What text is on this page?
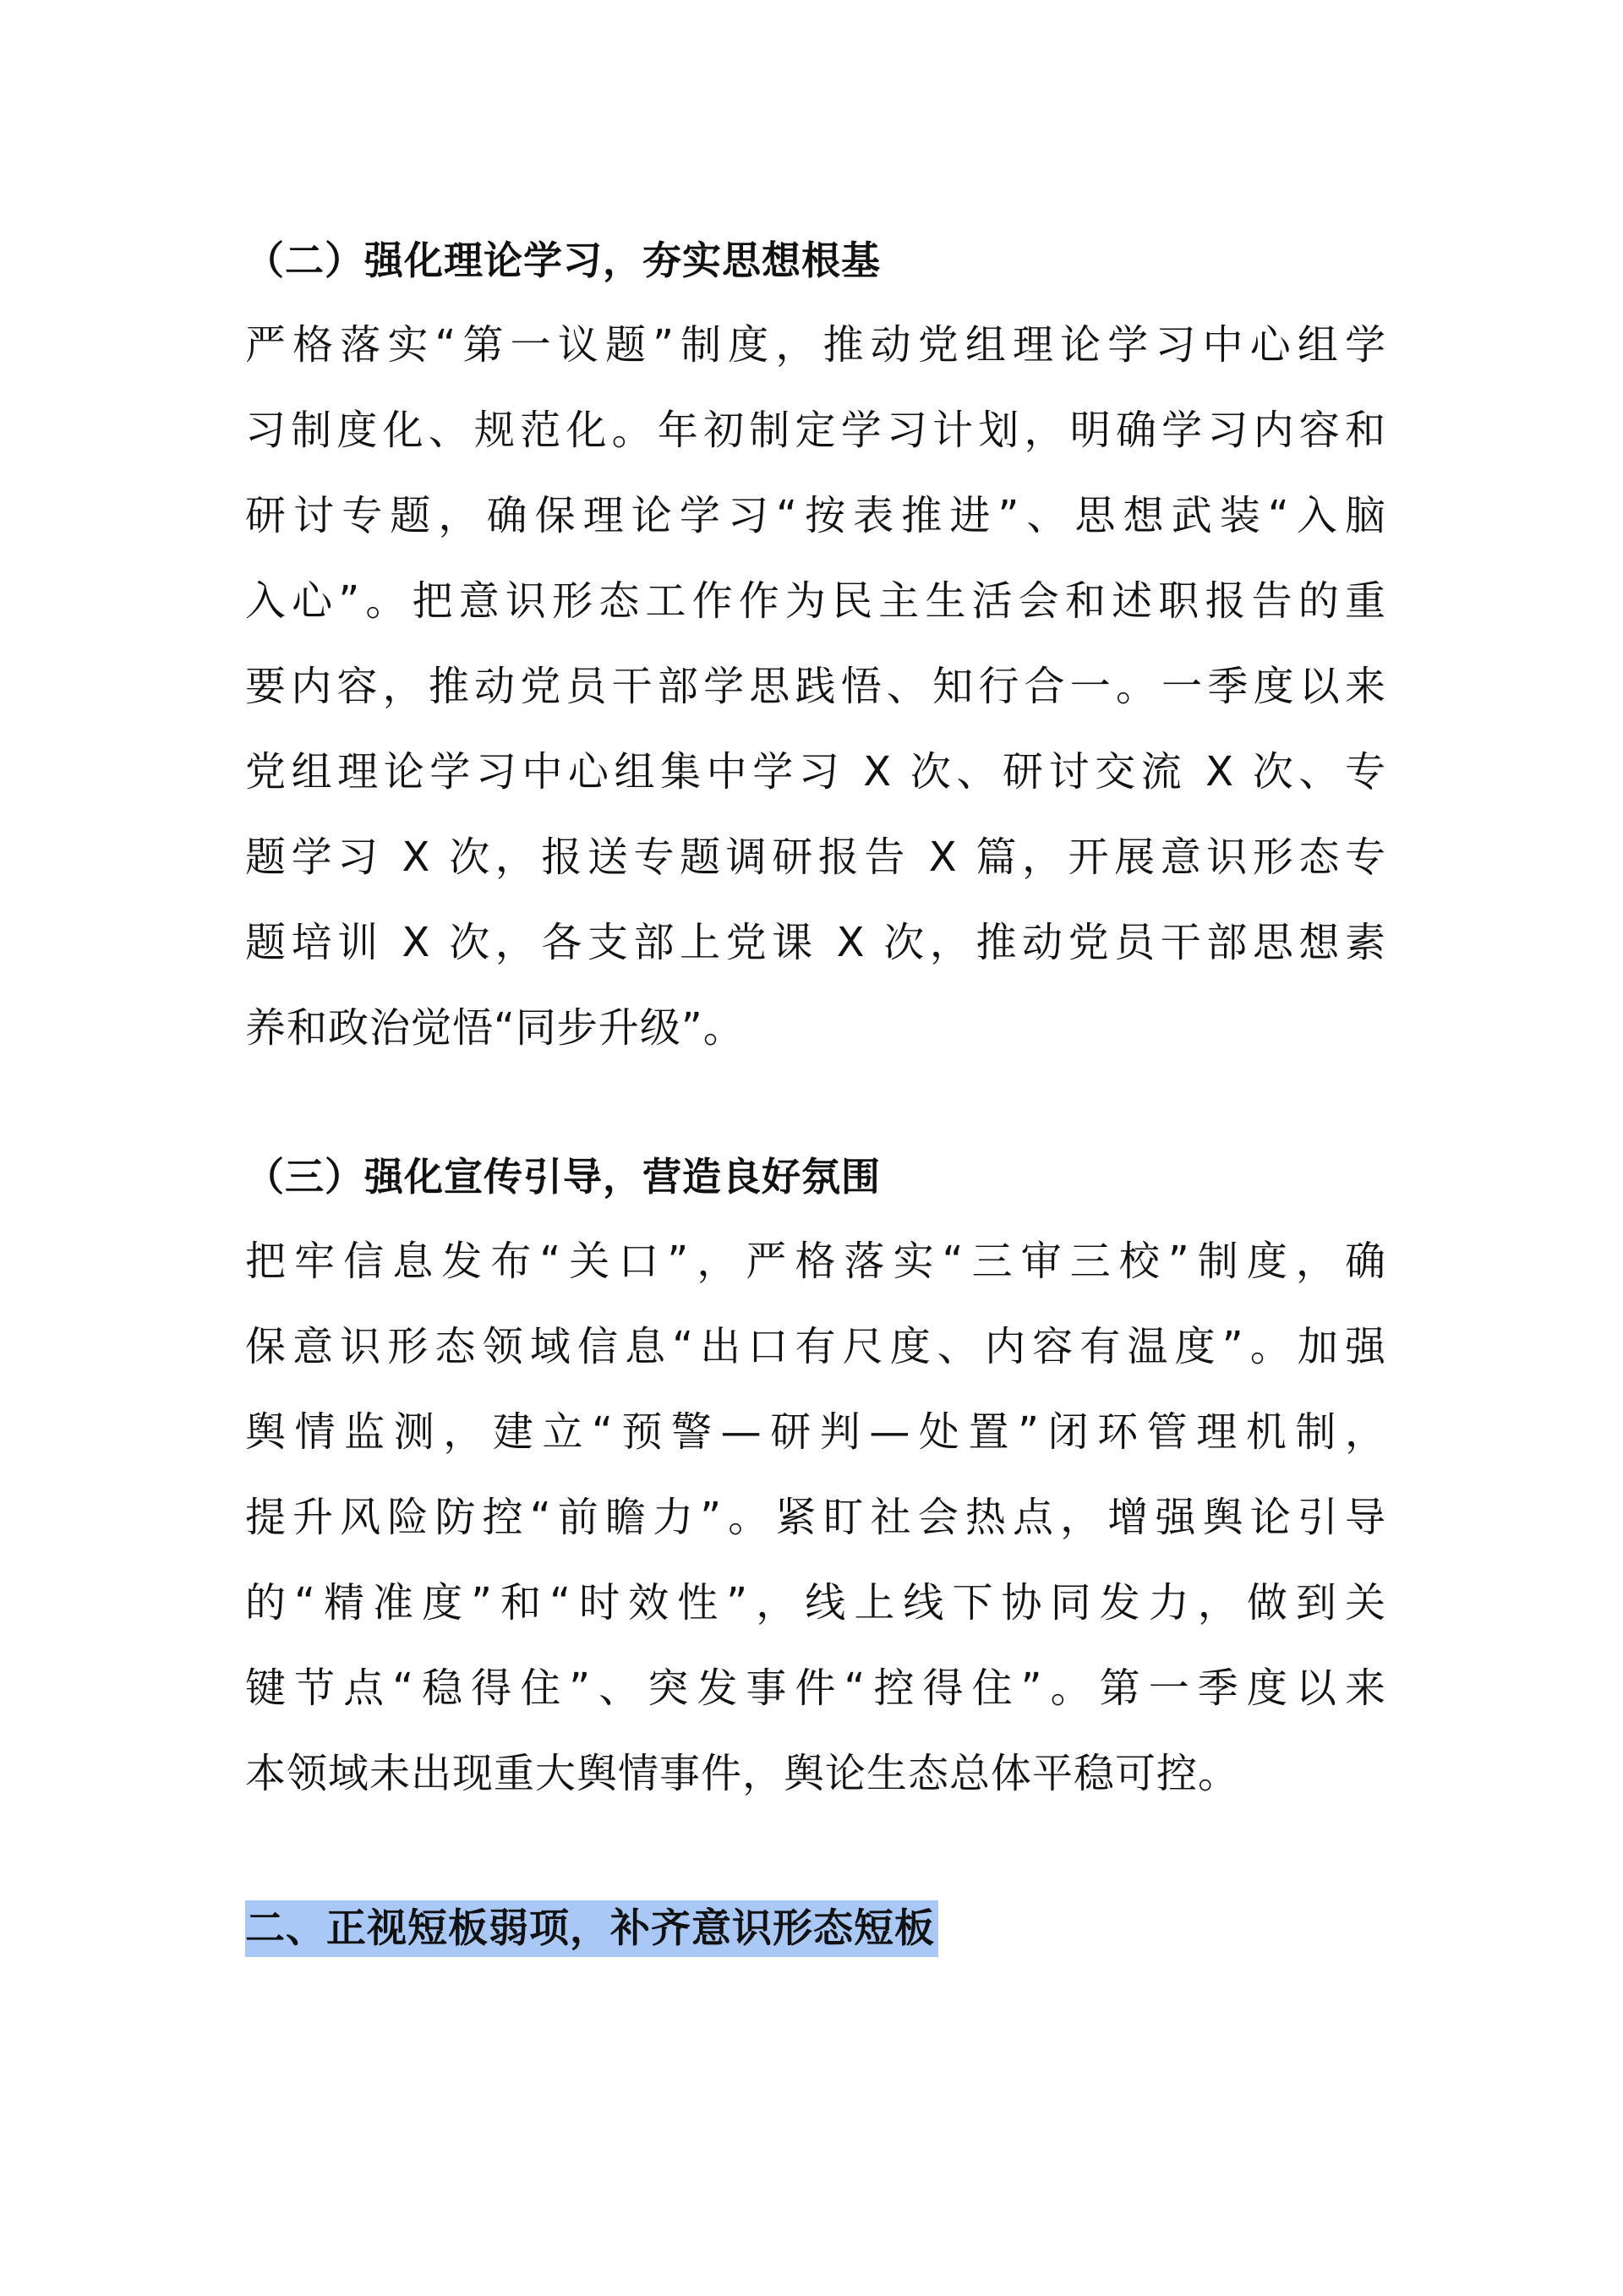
（二）强化理论学习，夯实思想根基
严格落实“第一议题”制度，推动党组理论学习中心组学
习制度化、规范化。年初制定学习计划，明确学习内容和
研讨专题，确保理论学习“按表推进”、思想武装“入脑
入心”。把意识形态工作作为民主生活会和述职报告的重
要内容，推动党员干部学思践悟、知行合一。一季度以来
党组理论学习中心组集中学习 X 次、研讨交流 X 次、专
题学习 X 次，报送专题调研报告 X 篇，开展意识形态专
题培训 X 次，各支部上党课 X 次，推动党员干部思想素
养和政治觉悟“同步升级”。
（三）强化宣传引导，营造良好氛围
把牢信息发布“关口”，严格落实“三审三校”制度，确
保意识形态领域信息“出口有尺度、内容有温度”。加强
舆情监测，建立“预警—研判—处置”闭环管理机制，
提升风险防控“前瞻力”。紧盯社会热点，增强舆论引导
的“精准度”和“时效性”，线上线下协同发力，做到关
键节点“稳得住”、突发事件“控得住”。第一季度以来
本领域未出现重大舆情事件，舆论生态总体平稳可控。
二、正视短板弱项，补齐意识形态短板
